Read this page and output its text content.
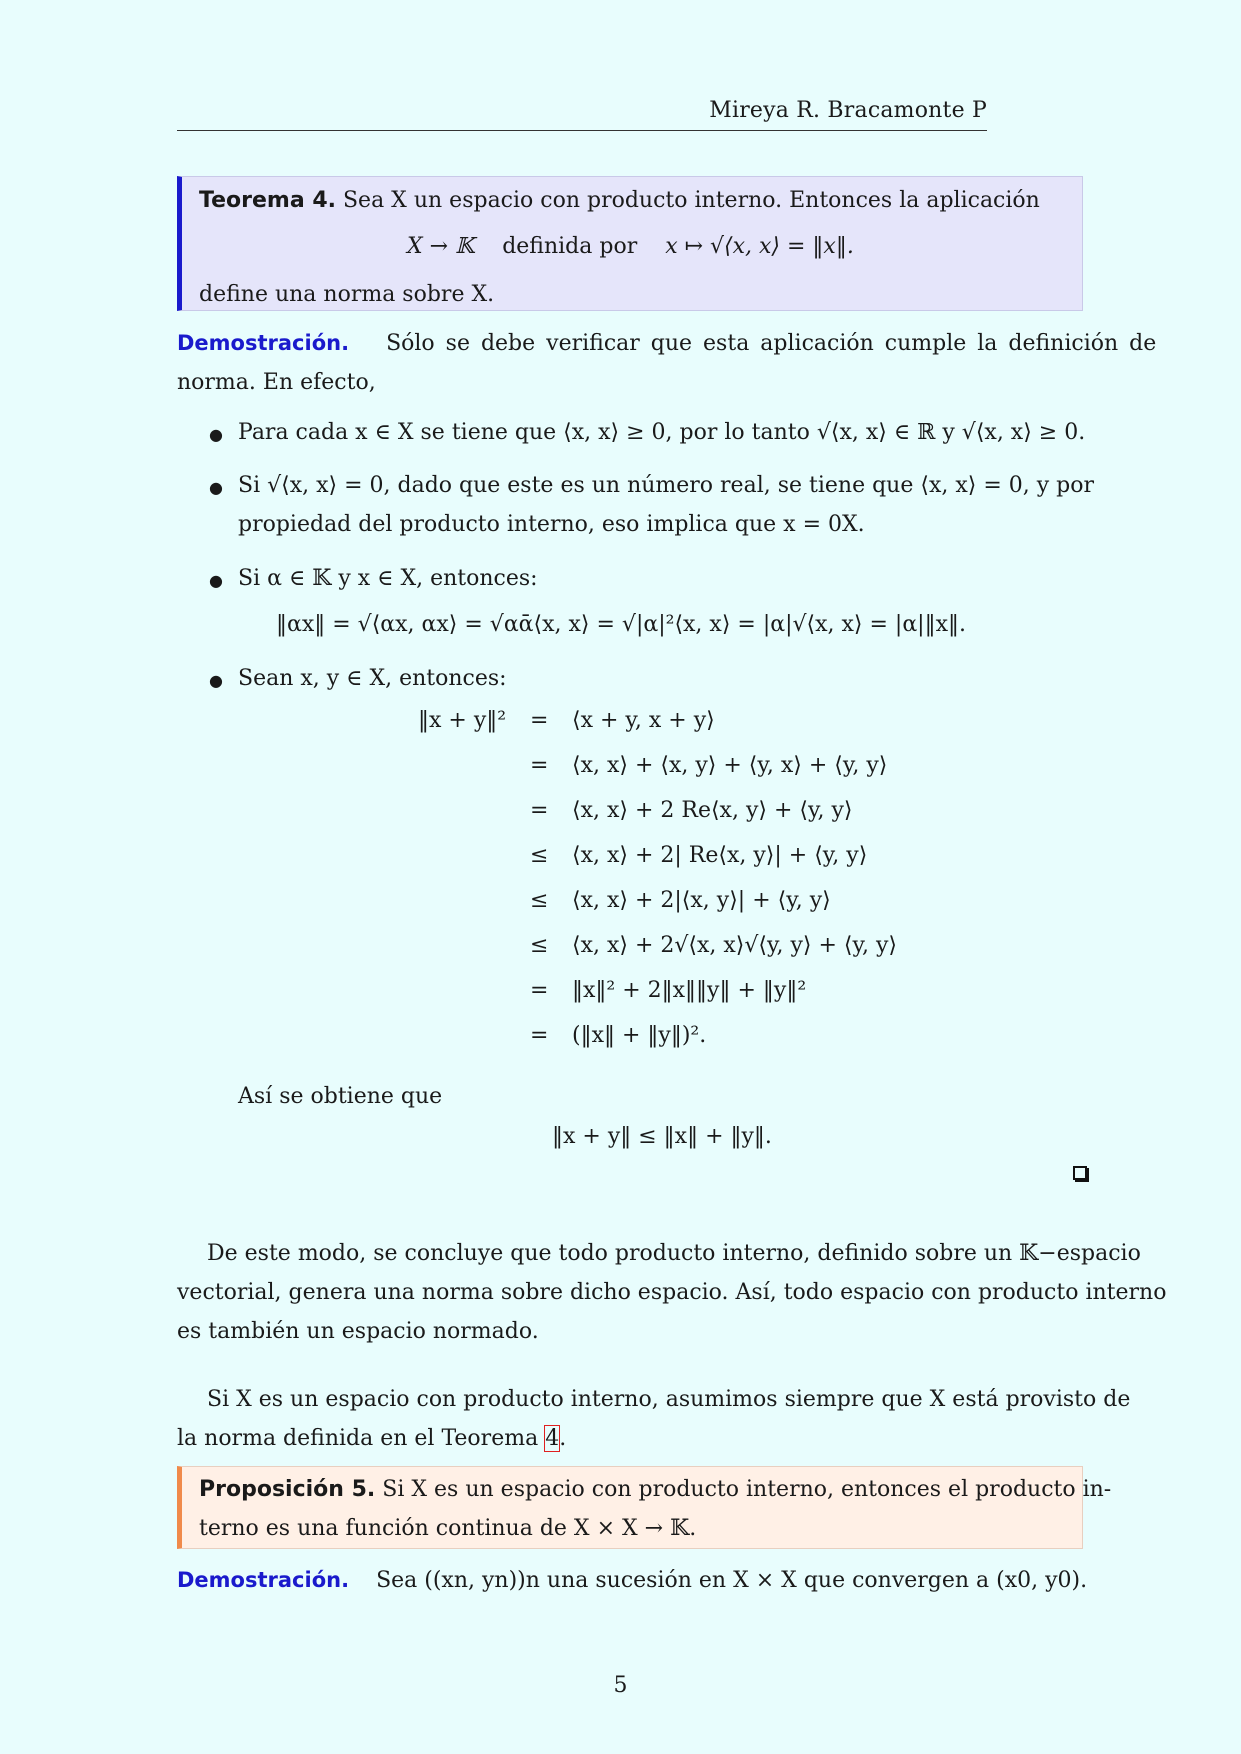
Mireya R. Bracamonte P
Teorema 4. Sea X un espacio con producto interno. Entonces la aplicación
X → 𝕂 definida por x ↦ √⟨x, x⟩ = ‖x‖.
define una norma sobre X.
Demostración. Sólo se debe verificar que esta aplicación cumple la definición de
norma. En efecto,
● Para cada x ∈ X se tiene que ⟨x, x⟩ ≥ 0, por lo tanto √⟨x, x⟩ ∈ ℝ y √⟨x, x⟩ ≥ 0.
● Si √⟨x, x⟩ = 0, dado que este es un número real, se tiene que ⟨x, x⟩ = 0, y por
propiedad del producto interno, eso implica que x = 0X.
● Si α ∈ 𝕂 y x ∈ X, entonces:
‖αx‖ = √⟨αx, αx⟩ = √αᾱ⟨x, x⟩ = √|α|²⟨x, x⟩ = |α|√⟨x, x⟩ = |α|‖x‖.
● Sean x, y ∈ X, entonces:
‖x + y‖² = ⟨x + y, x + y⟩
= ⟨x, x⟩ + ⟨x, y⟩ + ⟨y, x⟩ + ⟨y, y⟩
= ⟨x, x⟩ + 2 Re⟨x, y⟩ + ⟨y, y⟩
≤ ⟨x, x⟩ + 2| Re⟨x, y⟩| + ⟨y, y⟩
≤ ⟨x, x⟩ + 2|⟨x, y⟩| + ⟨y, y⟩
≤ ⟨x, x⟩ + 2√⟨x, x⟩√⟨y, y⟩ + ⟨y, y⟩
= ‖x‖² + 2‖x‖‖y‖ + ‖y‖²
= (‖x‖ + ‖y‖)².
Así se obtiene que
‖x + y‖ ≤ ‖x‖ + ‖y‖.
De este modo, se concluye que todo producto interno, definido sobre un 𝕂−espacio
vectorial, genera una norma sobre dicho espacio. Así, todo espacio con producto interno
es también un espacio normado.
Si X es un espacio con producto interno, asumimos siempre que X está provisto de
la norma definida en el Teorema 4.
Proposición 5. Si X es un espacio con producto interno, entonces el producto in-
terno es una función continua de X × X → 𝕂.
Demostración. Sea ((xn, yn))n una sucesión en X × X que convergen a (x0, y0).
5
